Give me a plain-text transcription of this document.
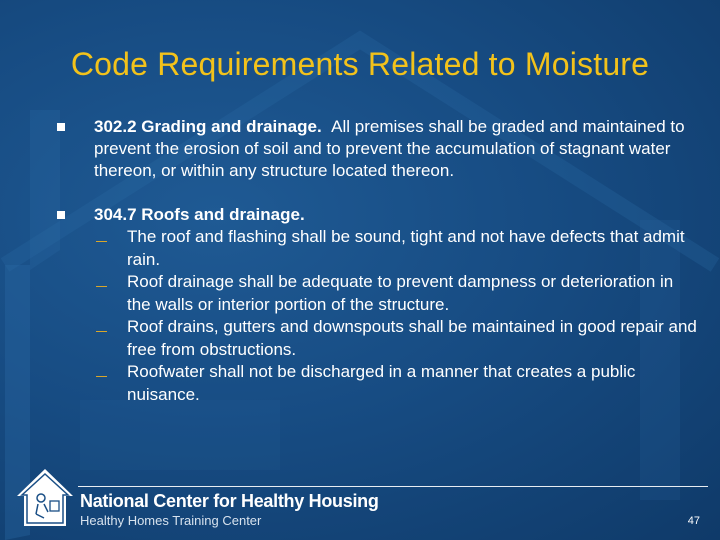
Code Requirements Related to Moisture
302.2 Grading and drainage. All premises shall be graded and maintained to prevent the erosion of soil and to prevent the accumulation of stagnant water thereon, or within any structure located thereon.
304.7 Roofs and drainage.
The roof and flashing shall be sound, tight and not have defects that admit rain.
Roof drainage shall be adequate to prevent dampness or deterioration in the walls or interior portion of the structure.
Roof drains, gutters and downspouts shall be maintained in good repair and free from obstructions.
Roofwater shall not be discharged in a manner that creates a public nuisance.
National Center for Healthy Housing
Healthy Homes Training Center	47
